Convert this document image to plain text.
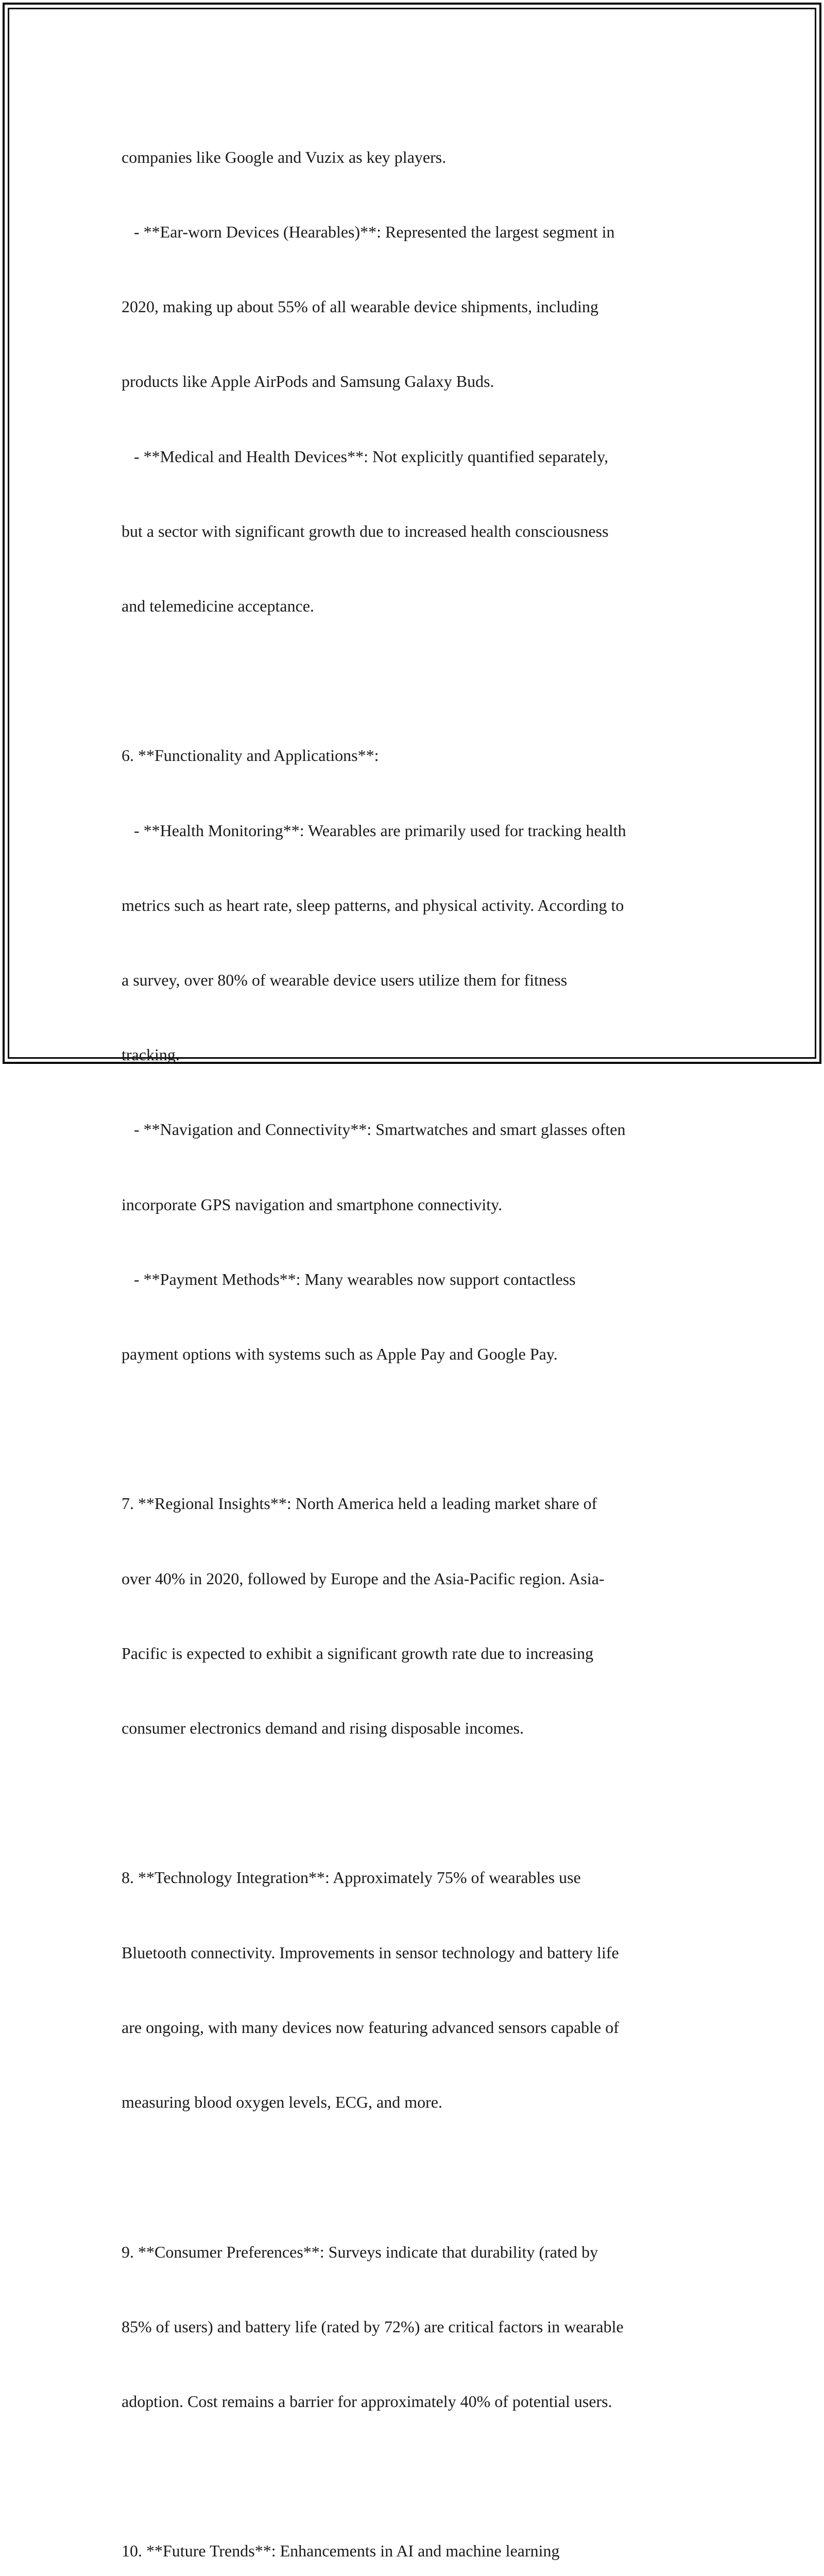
companies like Google and Vuzix as key players.

- **Ear-worn Devices (Hearables)**: Represented the largest segment in

2020, making up about 55% of all wearable device shipments, including

products like Apple AirPods and Samsung Galaxy Buds.

- **Medical and Health Devices**: Not explicitly quantified separately,

but a sector with significant growth due to increased health consciousness

and telemedicine acceptance.

6. **Functionality and Applications**:

- **Health Monitoring**: Wearables are primarily used for tracking health

metrics such as heart rate, sleep patterns, and physical activity. According to

a survey, over 80% of wearable device users utilize them for fitness

tracking.

- **Navigation and Connectivity**: Smartwatches and smart glasses often

incorporate GPS navigation and smartphone connectivity.

- **Payment Methods**: Many wearables now support contactless

payment options with systems such as Apple Pay and Google Pay.

7. **Regional Insights**: North America held a leading market share of

over 40% in 2020, followed by Europe and the Asia-Pacific region. Asia-

Pacific is expected to exhibit a significant growth rate due to increasing

consumer electronics demand and rising disposable incomes.

8. **Technology Integration**: Approximately 75% of wearables use

Bluetooth connectivity. Improvements in sensor technology and battery life

are ongoing, with many devices now featuring advanced sensors capable of

measuring blood oxygen levels, ECG, and more.

9. **Consumer Preferences**: Surveys indicate that durability (rated by

85% of users) and battery life (rated by 72%) are critical factors in wearable

adoption. Cost remains a barrier for approximately 40% of potential users.

10. **Future Trends**: Enhancements in AI and machine learning
